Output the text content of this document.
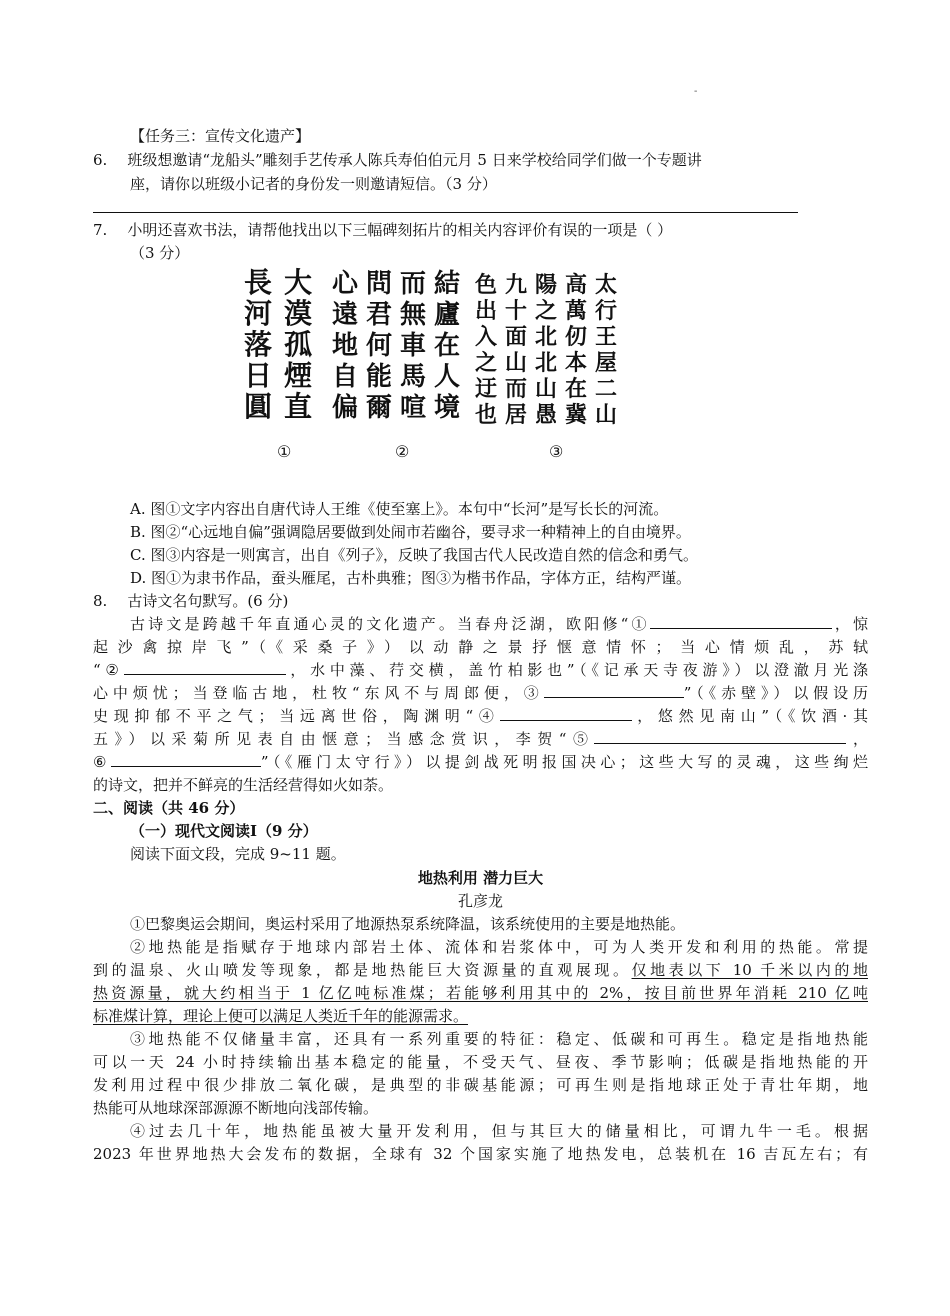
-
【任务三：宣传文化遗产】
6. 班级想邀请“龙船头”雕刻手艺传承人陈兵寿伯伯元月 5 日来学校给同学们做一个专题讲
座，请你以班级小记者的身份发一则邀请短信。（3 分）
7. 小明还喜欢书法，请帮他找出以下三幅碑刻拓片的相关内容评价有误的一项是（ ）
（3 分）
大
漠
孤
煙
直
長
河
落
日
圓
結
廬
在
人
境
而
無
車
馬
喧
問
君
何
能
爾
心
遠
地
自
偏
太
行
王
屋
二
山
高
萬
仞
本
在
冀
陽
之
北
北
山
愚
九
十
面
山
而
居
色
出
入
之
迂
也
①	②	③
A. 图①文字内容出自唐代诗人王维《使至塞上》。本句中“长河”是写长长的河流。
B. 图②“心远地自偏”强调隐居要做到处闹市若幽谷，要寻求一种精神上的自由境界。
C. 图③内容是一则寓言，出自《列子》，反映了我国古代人民改造自然的信念和勇气。
D. 图①为隶书作品，蚕头雁尾，古朴典雅；图③为楷书作品，字体方正，结构严谨。
8. 古诗文名句默写。(6 分)
古诗文是跨越千年直通心灵的文化遗产。当春舟泛湖，欧阳修“①	，惊
起沙禽掠岸飞”（《采桑子》）以动静之景抒惬意情怀；当心情烦乱，苏轼
“②	，水中藻、荇交横，盖竹柏影也”（《记承天寺夜游》）以澄澈月光涤
心中烦忧；当登临古地，杜牧“东风不与周郎便，③	”（《赤壁》）以假设历
史现抑郁不平之气；当远离世俗，陶渊明“④	，悠然见南山”（《饮酒·其
五》）以采菊所见表自由惬意；当感念赏识，李贺“⑤	，
⑥	”（《雁门太守行》）以提剑战死明报国决心；这些大写的灵魂，这些绚烂
的诗文，把并不鲜亮的生活经营得如火如荼。
二、阅读（共 46 分）
（一）现代文阅读Ⅰ（9 分）
阅读下面文段，完成 9~11 题。
地热利用 潜力巨大
孔彦龙
①巴黎奥运会期间，奥运村采用了地源热泵系统降温，该系统使用的主要是地热能。
②地热能是指赋存于地球内部岩土体、流体和岩浆体中，可为人类开发和利用的热能。常提
到的温泉、火山喷发等现象，都是地热能巨大资源量的直观展现。仅地表以下 10 千米以内的地
热资源量，就大约相当于 1 亿亿吨标准煤；若能够利用其中的 2%，按目前世界年消耗 210 亿吨
标准煤计算，理论上便可以满足人类近千年的能源需求。
③地热能不仅储量丰富，还具有一系列重要的特征：稳定、低碳和可再生。稳定是指地热能
可以一天 24 小时持续输出基本稳定的能量，不受天气、昼夜、季节影响；低碳是指地热能的开
发利用过程中很少排放二氧化碳，是典型的非碳基能源；可再生则是指地球正处于青壮年期，地
热能可从地球深部源源不断地向浅部传输。
④过去几十年，地热能虽被大量开发利用，但与其巨大的储量相比，可谓九牛一毛。根据
2023 年世界地热大会发布的数据，全球有 32 个国家实施了地热发电，总装机在 16 吉瓦左右；有
